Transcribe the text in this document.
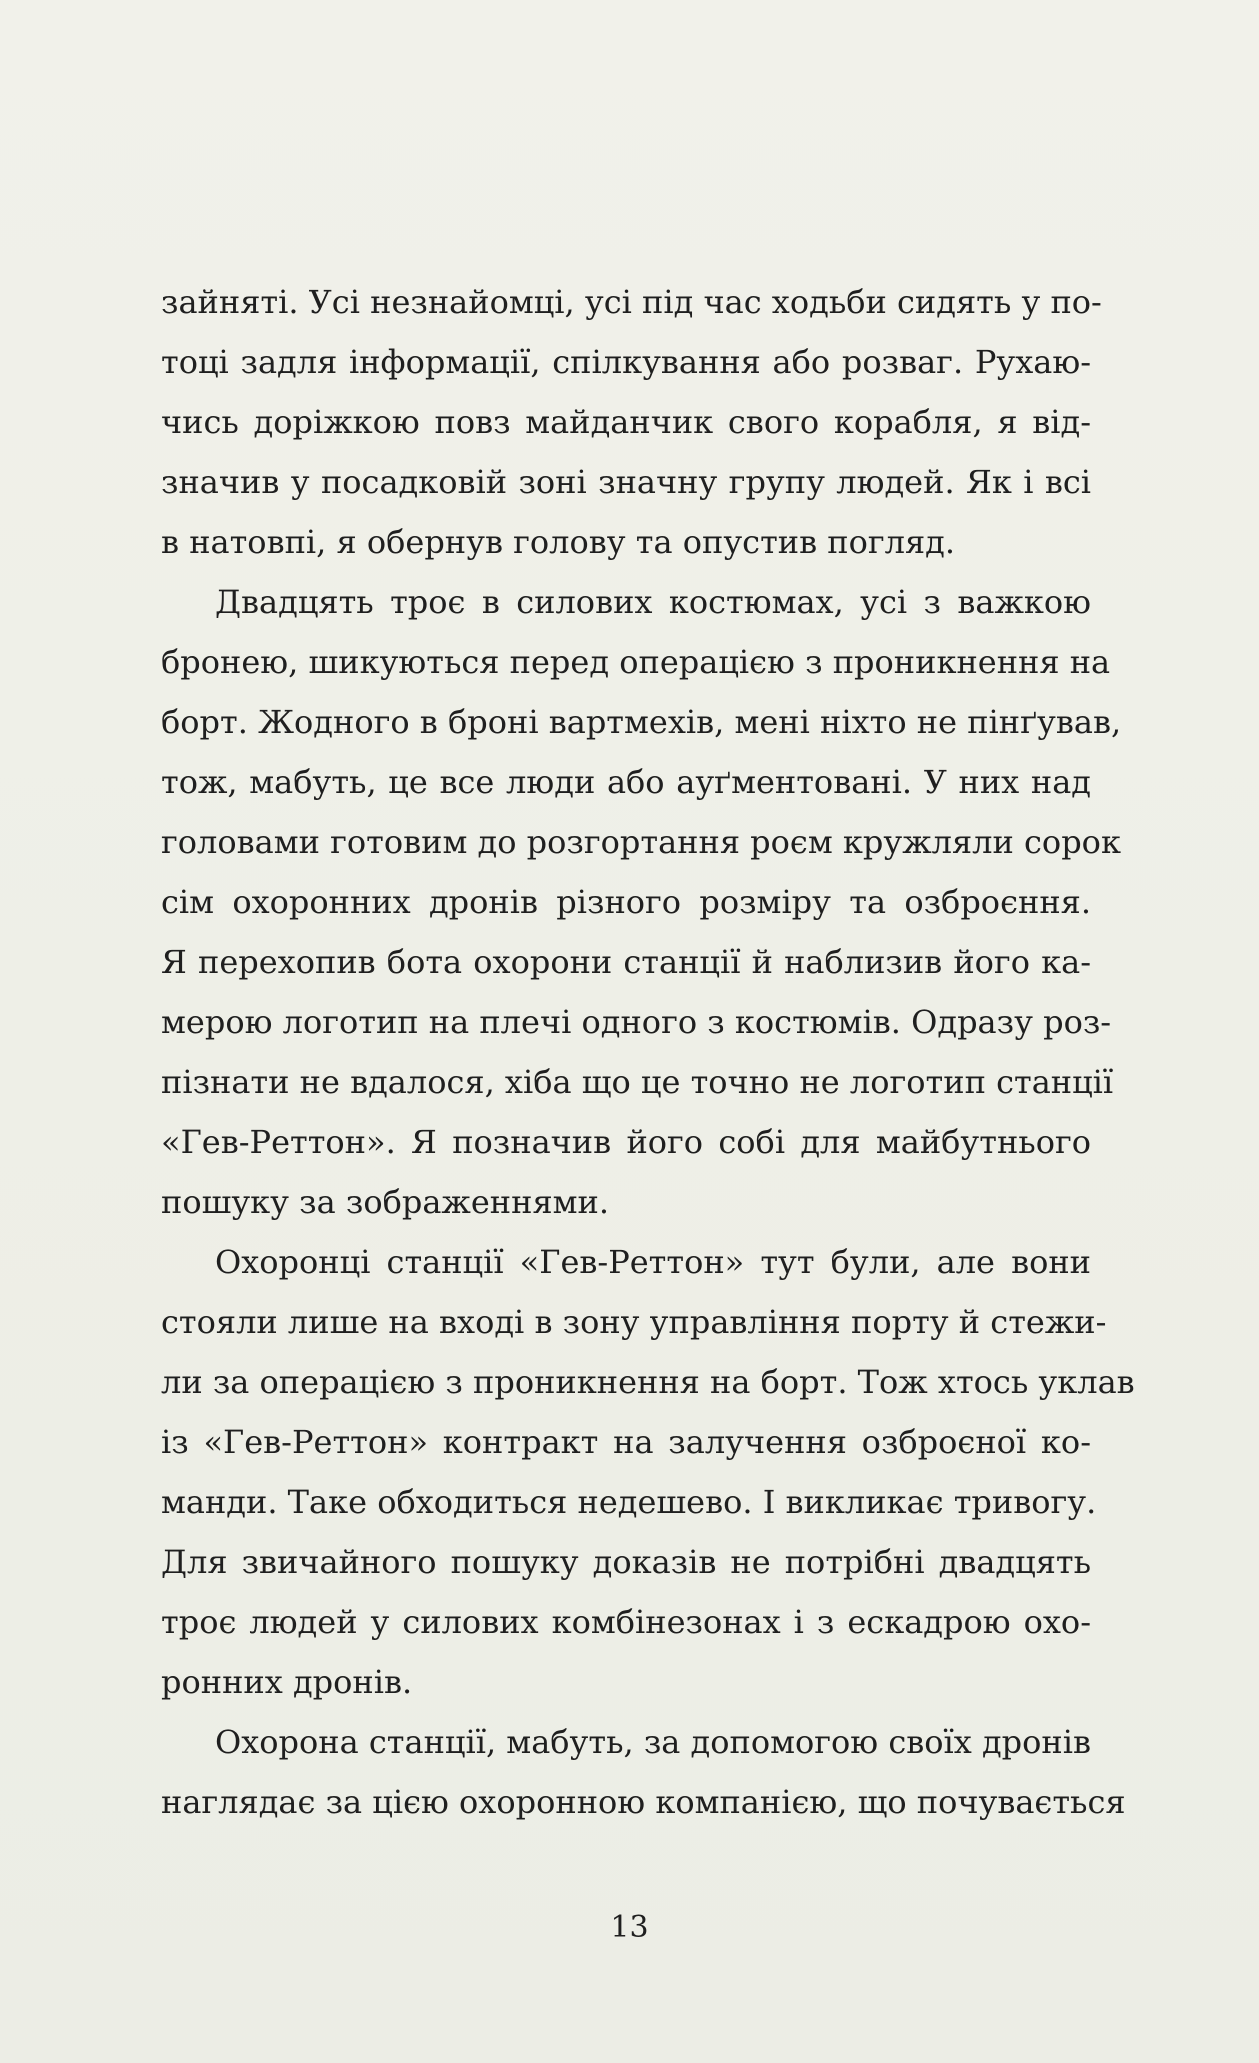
зайняті. Усі незнайомці, усі під час ходьби сидять у по-
тоці задля інформації, спілкування або розваг. Рухаю-
чись доріжкою повз майданчик свого корабля, я від-
значив у посадковій зоні значну групу людей. Як і всі
в натовпі, я обернув голову та опустив погляд.
Двадцять троє в силових костюмах, усі з важкою
бронею, шикуються перед операцією з проникнення на
борт. Жодного в броні вартмехів, мені ніхто не пінґував,
тож, мабуть, це все люди або ауґментовані. У них над
головами готовим до розгортання роєм кружляли сорок
сім охоронних дронів різного розміру та озброєння.
Я перехопив бота охорони станції й наблизив його ка-
мерою логотип на плечі одного з костюмів. Одразу роз-
пізнати не вдалося, хіба що це точно не логотип станції
«Гев-Реттон». Я позначив його собі для майбутнього
пошуку за зображеннями.
Охоронці станції «Гев-Реттон» тут були, але вони
стояли лише на вході в зону управління порту й стежи-
ли за операцією з проникнення на борт. Тож хтось уклав
із «Гев-Реттон» контракт на залучення озброєної ко-
манди. Таке обходиться недешево. І викликає тривогу.
Для звичайного пошуку доказів не потрібні двадцять
троє людей у силових комбінезонах і з ескадрою охо-
ронних дронів.
Охорона станції, мабуть, за допомогою своїх дронів
наглядає за цією охоронною компанією, що почувається
13
